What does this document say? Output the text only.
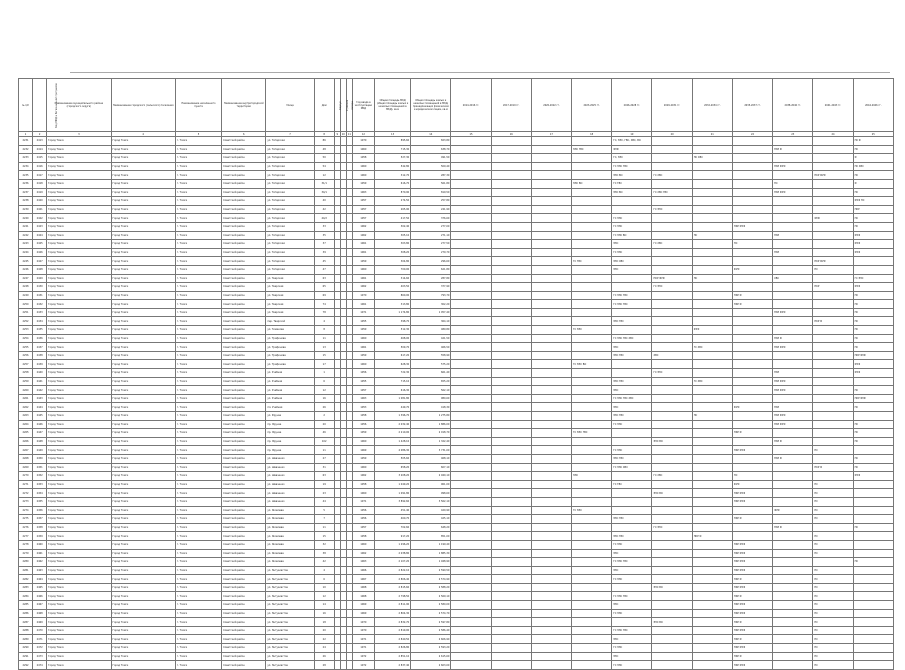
№ п/п	Код МКД в Региональной программе	Наименование муниципального района (городского округа)	Наименование городского (сельского) поселения	Наименование населенного пункта	Наименование внутригородской территории	Улица	Дом	Корпус	строение	литера	Год ввода в эксплуатацию МКД	Общая площадь МКД (общая площадь жилых и нежилых помещений в МКД), кв.м	Общая площадь жилых и нежилых помещений в МКД, принадлежащих физическим и юридическим лицам, кв.м	2014-2016 гг.	2017-2019 гг.	2020-2022 гг.	2023-2025 гг.	2026-2028 гг.	2029-2031 гг.	2032-2034 гг.	2035-2037 гг.	2038-2040 гг.	2041-2043 гг.	2044-2046 гг.
1	2	3	4	5	6	7	8	9	10	11	12	13	14	15	16	17	18	19	20	21	22	23	24	25
2231	2413	Город Томск	Город Томск	г. Томск	Советский район	ул. Татарская	86				1970	895,60	823,80					ГС, ЭЭС, ГВС, ХВС, ВО						ПС Ф
2232	2414	Город Томск	Город Томск	г. Томск	Советский район	ул. Татарская	48				1960	715,30	638,70				ЭЭС ГВС	ФУФ				ПКР Ф		ПС
2233	2415	Город Томск	Город Томск	г. Томск	Советский район	ул. Татарская	50				1958	527,30	491,50					ГС, ЭЭС		ПС ХВС				Ф
2234	2416	Город Томск	Город Томск	г. Томск	Советский район	ул. Татарская	54				1960	542,80	509,40					ГС ЭЭС ГВС				ПКР ФУФ		ПС ХВС
2235	2417	Город Томск	Город Томск	г. Томск	Советский район	ул. Татарская	12				1960	312,70	287,30					ЭЭС ВО	ГС ХВС				ПКР ФУФ	ПС
2236	2418	Город Томск	Город Томск	г. Томск	Советский район	ул. Татарская	31/1				1959	616,70	561,80				ЭЭС ВО	ГС ГВС				ПС		Ф
2237	2419	Город Томск	Город Томск	г. Томск	Советский район	ул. Татарская	34/1				1963	870,90	819,50					ЭЭС ВО	ГС ХВС ГВС			ПКР ФУФ		ПС
2238	2420	Город Томск	Город Томск	г. Томск	Советский район	ул. Татарская	40				1957	274,50	257,80											ФУФ ПС
2239	2421	Город Томск	Город Томск	г. Томск	Советский район	ул. Татарская	42				1957	265,90	241,90						ГС ЭЭС					ПКР
2240	2422	Город Томск	Город Томск	г. Томск	Советский район	ул. Татарская	44/2				1957	417,50	376,60					ГС ЭЭС					ФУФ	ПС
2241	2423	Город Томск	Город Томск	г. Томск	Советский район	ул. Татарская	33				1962	302,40	277,00					ГС ЭЭС			ПКР ФУФ			ПС
2242	2424	Город Томск	Город Томск	г. Томск	Советский район	ул. Татарская	35				1962	305,10	271,10					ГС ЭЭС ВО		ПС		ПКР		ФУФ
2243	2425	Город Томск	Город Томск	г. Томск	Советский район	ул. Татарская	37				1961	303,80	277,50					ЭЭС	ГС ХВС		ПС			ФУФ
2244	2426	Город Томск	Город Томск	г. Томск	Советский район	ул. Татарская	39				1961	308,20	279,70					ГС ЭЭС				ПКР		ФУФ
2245	2427	Город Томск	Город Томск	г. Томск	Советский район	ул. Татарская	45				1959	304,80	296,60				ГС ГВС	ЭЭС ХВС					ПКР ФУФ	
2246	2428	Город Томск	Город Томск	г. Томск	Советский район	ул. Татарская	47				1960	700,00	621,80					ЭЭС			ФУФ		ПС	
2247	2429	Город Томск	Город Томск	г. Томск	Советский район	ул. Тверская	63				1961	314,60	287,80						ПКР ФУФ	ПС		ХВС		ГС ЭЭС
2248	2430	Город Томск	Город Томск	г. Томск	Советский район	ул. Тверская	65				1962	403,50	377,90						ГС ЭЭС				ПКР	ФУФ
2249	2431	Город Томск	Город Томск	г. Томск	Советский район	ул. Тверская	69				1970	860,00	793,70					ГС ЭЭС ГВС			ПКР Ф			ПС
2250	2432	Город Томск	Город Томск	г. Томск	Советский район	ул. Тверская	74				1961	313,80	302,20					ГС ЭЭС ГВС			ПКР Ф			ПС
2251	2433	Город Томск	Город Томск	г. Томск	Советский район	ул. Тверская	78				1971	1 174,80	1 057,40									ПКР ФУФ		ПС
2252	2434	Город Томск	Город Томск	г. Томск	Советский район	пер. Тверской	4				1955	398,70	364,10					ЭЭС ГВС					ПКР Ф	ПС
2253	2435	Город Томск	Город Томск	г. Томск	Советский район	ул. Тимакова	8				1959	512,30	489,80				ГС ЭЭС			ФУФ				ПС
2254	2436	Город Томск	Город Томск	г. Томск	Советский район	ул. Трифонова	11				1960	468,00	421,50					ГС ЭЭС ГВС ХВС				ПКР Ф		ПС
2255	2437	Город Томск	Город Томск	г. Томск	Советский район	ул. Трифонова	13				1961	509,70	466,50					ЭЭС		ГС ХВС		ПКР ФУФ		ПС
2256	2438	Город Томск	Город Томск	г. Томск	Советский район	ул. Трифонова	15				1959	617,20	558,90					ЭЭС ГВС	ХВС					ПКР ФУФ
2257	2439	Город Томск	Город Томск	г. Томск	Советский район	ул. Трифонова	17				1960	628,30	575,20				ГС ЭЭС ВО							ФУФ
2258	2440	Город Томск	Город Томск	г. Томск	Советский район	ул. Учебная	1				1956	722,30	661,40						ГС ЭЭС			ПКР		ФУФ
2259	2441	Город Томск	Город Томск	г. Томск	Советский район	ул. Учебная	6				1955	715,10	655,20					ЭЭС ГВС		ГС ХВС		ПКР ФУФ		
2260	2442	Город Томск	Город Томск	г. Томск	Советский район	ул. Учебная	12				1957	616,30	562,10					ЭЭС				ПКР ФУФ		ПС
2261	2443	Город Томск	Город Томск	г. Томск	Советский район	ул. Учебная	16				1963	1 081,80	980,60					ГС ЭЭС ГВС ХВС						ПКР ФУФ
2262	2444	Город Томск	Город Томск	г. Томск	Советский район	пл. Учебная	26				1953	449,70	418,30					ЭЭС			ФУФ	ПКР		ПС
2263	2445	Город Томск	Город Томск	г. Томск	Советский район	ул. Фрунзе	2				1958	1 396,70	1 275,80					ЭЭС ГВС		ПС		ПКР ФУФ		
2264	2446	Город Томск	Город Томск	г. Томск	Советский район	пр. Фрунзе	20				1956	2 032,40	1 886,00					ГС ЭЭС				ПКР ФУФ		ПС
2265	2447	Город Томск	Город Томск	г. Томск	Советский район	пр. Фрунзе	46				1959	2 210,00	2 018,70				ГС ЭЭС ГВС				ПКР Ф			ПС
2266	2448	Город Томск	Город Томск	г. Томск	Советский район	пр. Фрунзе	102				1960	1 428,10	1 322,40						ЭЭС ВО			ПКР Ф		ПС
2267	2449	Город Томск	Город Томск	г. Томск	Советский район	пр. Фрунзе	11				1969	4 086,30	3 731,00					ГС ЭЭС			ПКР ФУФ		ПС	
2268	2450	Город Томск	Город Томск	г. Томск	Советский район	ул. Шевченко	27				1959	505,60	468,10					ЭЭС ГВС				ПКР Ф		ПС
2269	2451	Город Томск	Город Томск	г. Томск	Советский район	ул. Шевченко	31				1960	658,20	607,10					ГС ЭЭС ХВС					ПКР Ф	ПС
2270	2452	Город Томск	Город Томск	г. Томск	Советский район	ул. Шевченко	63				1962	3 208,20	2 940,10				ЭЭС		ГС ХВС		ПС			ФУФ
2271	2453	Город Томск	Город Томск	г. Томск	Советский район	ул. Шевченко	19				1958	1 049,20	961,00					ГС ГВС			ФУФ		ПС	
2272	2454	Город Томск	Город Томск	г. Томск	Советский район	ул. Шевченко	23				1960	1 091,80	998,60						ЭЭС ВО		ПКР ФУФ		ПС	
2273	2455	Город Томск	Город Томск	г. Томск	Советский район	ул. Шевченко	44				1971	3 892,60	3 562,10								ПКР ФУФ		ПС	
2274	2456	Город Томск	Город Томск	г. Томск	Советский район	ул. Яковлева	5				1956	451,40	420,90				ГС ЭЭС					ФУФ	ПС	
2275	2457	Город Томск	Город Томск	г. Томск	Советский район	ул. Яковлева	7				1956	460,70	425,10					ЭЭС ГВС			ПКР Ф		ПС	
2276	2458	Город Томск	Город Томск	г. Томск	Советский район	ул. Яковлева	11				1957	702,60	648,20						ГС ЭЭС			ПКР Ф		ПС
2277	2459	Город Томск	Город Томск	г. Томск	Советский район	ул. Яковлева	15				1958	917,20	851,00					ЭЭС ГВС		ПКР Ф			ПС	
2278	2460	Город Томск	Город Томск	г. Томск	Советский район	ул. Яковлева	32				1960	1 296,20	1 199,40					ГС ЭЭС			ПКР ФУФ		ПС	
2279	2461	Город Томск	Город Томск	г. Томск	Советский район	ул. Яковлева	38				1962	2 038,80	1 885,30					ЭЭС			ПКР ФУФ		ПС	
2280	2462	Город Томск	Город Томск	г. Томск	Советский район	ул. Яковлева	42				1963	2 107,20	1 948,90					ГС ЭЭС ГВС			ПКР ФУФ			ПС
2281	2463	Город Томск	Город Томск	г. Томск	Советский район	ул. Энтузиастов	4				1966	2 822,10	2 590,50					ЭЭС			ПКР ФУФ		ПС	
2282	2464	Город Томск	Город Томск	г. Томск	Советский район	ул. Энтузиастов	6				1967	2 806,40	2 574,90					ГС ЭЭС			ПКР Ф		ПС	
2283	2465	Город Томск	Город Томск	г. Томск	Советский район	ул. Энтузиастов	10				1968	2 815,60	2 588,20						ЭЭС ВО		ПКР ФУФ		ПС	
2284	2466	Город Томск	Город Томск	г. Томск	Советский район	ул. Энтузиастов	12				1968	2 798,50	2 569,10					ГС ЭЭС ГВС			ПКР Ф		ПС	
2285	2467	Город Томск	Город Томск	г. Томск	Советский район	ул. Энтузиастов	14				1969	2 811,90	2 580,00					ЭЭС			ПКР ФУФ		ПС	
2286	2468	Город Томск	Город Томск	г. Томск	Советский район	ул. Энтузиастов	16				1969	2 804,30	2 574,70					ГС ЭЭС			ПКР ФУФ		ПС	
2287	2469	Город Томск	Город Томск	г. Томск	Советский район	ул. Энтузиастов	18				1970	2 832,70	2 597,80						ЭЭС ВО		ПКР Ф		ПС	
2288	2470	Город Томск	Город Томск	г. Томск	Советский район	ул. Энтузиастов	20				1970	2 819,00	2 586,40					ГС ЭЭС ГВС			ПКР ФУФ		ПС	
2289	2471	Город Томск	Город Томск	г. Томск	Советский район	ул. Энтузиастов	22				1971	2 840,50	2 606,90					ЭЭС			ПКР Ф		ПС	
2290	2472	Город Томск	Город Томск	г. Томск	Советский район	ул. Энтузиастов	24				1971	2 826,80	2 593,20					ГС ЭЭС			ПКР ФУФ		ПС	
2291	2473	Город Томск	Город Томск	г. Томск	Советский район	ул. Энтузиастов	26				1972	2 851,10	2 615,60					ЭЭС			ПКР Ф		ПС	
2292	2474	Город Томск	Город Томск	г. Томск	Советский район	ул. Энтузиастов	28				1972	2 837,40	2 603,00					ГС ЭЭС			ПКР ФУФ		ПС	
